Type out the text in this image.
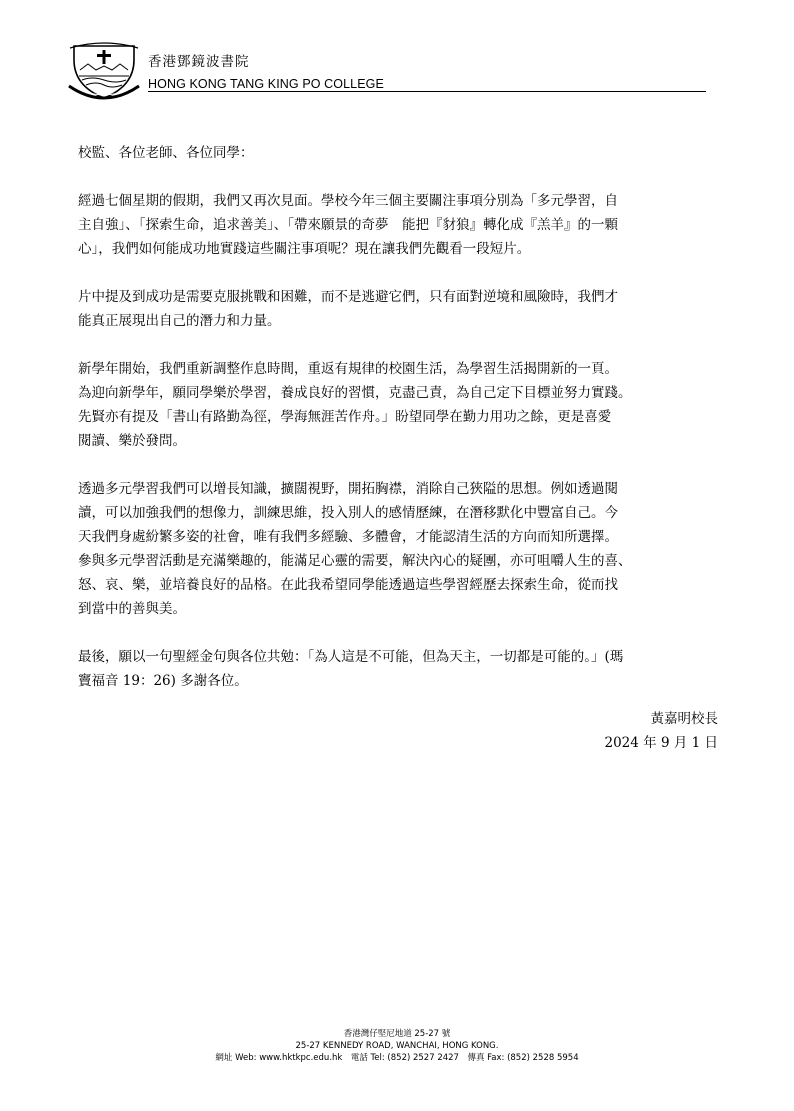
香港鄧鏡波書院
HONG KONG TANG KING PO COLLEGE
校監、各位老師、各位同學：
經過七個星期的假期，我們又再次見面。學校今年三個主要關注事項分別為「多元學習，自
主自強」、「探索生命，追求善美」、「帶來願景的奇夢　能把『豺狼』轉化成『羔羊』的一顆
心」，我們如何能成功地實踐這些關注事項呢？現在讓我們先觀看一段短片。
片中提及到成功是需要克服挑戰和困難，而不是逃避它們，只有面對逆境和風險時，我們才
能真正展現出自己的潛力和力量。
新學年開始，我們重新調整作息時間，重返有規律的校園生活，為學習生活揭開新的一頁。
為迎向新學年，願同學樂於學習，養成良好的習慣，克盡己責，為自己定下目標並努力實踐。
先賢亦有提及「書山有路勤為徑，學海無涯苦作舟。」盼望同學在勤力用功之餘，更是喜愛
閱讀、樂於發問。
透過多元學習我們可以增長知識，擴闊視野，開拓胸襟，消除自己狹隘的思想。例如透過閱
讀，可以加強我們的想像力，訓練思維，投入別人的感情歷練，在潛移默化中豐富自己。今
天我們身處紛繁多姿的社會，唯有我們多經驗、多體會，才能認清生活的方向而知所選擇。
參與多元學習活動是充滿樂趣的，能滿足心靈的需要，解決內心的疑團，亦可咀嚼人生的喜、
怒、哀、樂，並培養良好的品格。在此我希望同學能透過這些學習經歷去探索生命，從而找
到當中的善與美。
最後，願以一句聖經金句與各位共勉：「為人這是不可能，但為天主，一切都是可能的。」(瑪
竇福音 19：26) 多謝各位。
黃嘉明校長
2024 年 9 月 1 日
香港灣仔堅尼地道 25-27 號
25-27 KENNEDY ROAD, WANCHAI, HONG KONG.
網址 Web: www.hktkpc.edu.hk　電話 Tel: (852) 2527 2427　傳真 Fax: (852) 2528 5954
